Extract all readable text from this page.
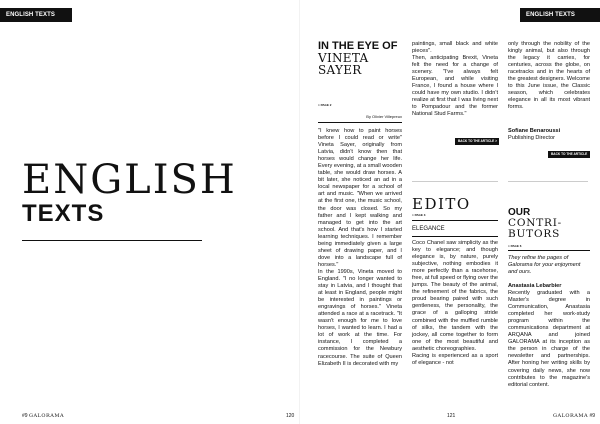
ENGLISH TEXTS
ENGLISH
TEXTS
#9 GALORAMA	120
ENGLISH TEXTS
IN THE EYE OF
VINETA
SAYER
> PAGE 2
By Olivier Villepreux

"I knew how to paint horses before I could read or write" Vineta Sayer, originally from Latvia, didn't know then that horses would change her life. Every evening, at a small wooden table, she would draw horses. A bit later, she noticed an ad in a local newspaper for a school of art and music. "When we arrived at the first one, the music school, the door was closed. So my father and I kept walking and managed to get into the art school. And that's how I started learning techniques. I remember being immediately given a large sheet of drawing paper, and I dove into a landscape full of horses."

In the 1990s, Vineta moved to England. "I no longer wanted to stay in Latvia, and I thought that at least in England, people might be interested in paintings or engravings of horses." Vineta attended a race at a racetrack. "It wasn't enough for me to love horses, I wanted to learn. I had a lot of work at the time. For instance, I completed a commission for the Newbury racecourse. The suite of Queen Elizabeth II is decorated with my

paintings, small black and white pieces".

Then, anticipating Brexit, Vineta felt the need for a change of scenery. "I've always felt European, and while visiting France, I found a house where I could have my own studio. I didn't realize at first that I was living next to Pompadour and the former National Stud Farms."

BACK TO THE ARTICLE >
only through the nobility of the kingly animal, but also through the legacy it carries, for centuries, across the globe, on racetracks and in the hearts of the greatest designers. Welcome to this June issue, the Classic season, which celebrates elegance in all its most vibrant forms.
Sofiane Benaroussi
Publishing Director
BACK TO THE ARTICLE >
EDITO
> PAGE 3
ELEGANCE
Coco Chanel saw simplicity as the key to elegance; and though elegance is, by nature, purely subjective, nothing embodies it more perfectly than a racehorse, free, at full speed or flying over the jumps. The beauty of the animal, the refinement of the fabrics, the proud bearing paired with such gentleness, the personality, the grace of a galloping stride combined with the muffled rumble of silks, the tandem with the jockey, all come together to form one of the most beautiful and aesthetic choreographies.
Racing is experienced as a sport of elegance - not
OUR
CONTRI-
BUTORS
> PAGE 6
They refine the pages of Galorama for your enjoyment and ours.
Anastasia Lebarbier
Recently graduated with a Master's degree in Communication, Anastasia completed her work-study program within the communications department at ARQANA and joined GALORAMA at its inception as the person in charge of the newsletter and partnerships. After honing her writing skills by covering daily news, she now contributes to the magazine's editorial content.
121	GALORAMA #9
